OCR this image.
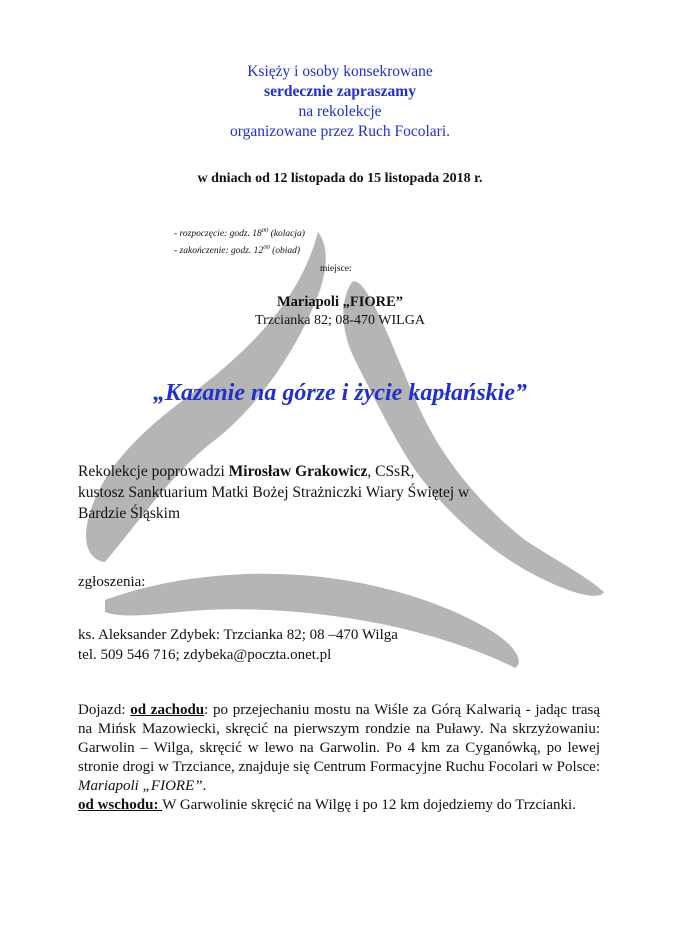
Księży i osoby konsekrowane
serdecznie zapraszamy
na rekolekcje
organizowane przez Ruch Focolari.
w dniach od 12 listopada do 15 listopada 2018 r.
- rozpoczęcie: godz. $18^{00}$ (kolacja)
- zakończenie: godz. $12^{00}$ (obiad)
miejsce:
Mariapoli „FIORE”
Trzcianka 82; 08-470 WILGA
„Kazanie na górze i życie kapłańskie”
Rekolekcje poprowadzi Mirosław Grakowicz, CSsR,
kustosz Sanktuarium Matki Bożej Strażniczki Wiary Świętej w
Bardzie Śląskim
zgłoszenia:
ks. Aleksander Zdybek: Trzcianka 82; 08 –470 Wilga
tel. 509 546 716; zdybeka@poczta.onet.pl
Dojazd: od zachodu: po przejechaniu mostu na Wiśle za Górą Kalwarią - jadąc trasą na Mińsk Mazowiecki, skręcić na pierwszym rondzie na Puławy. Na skrzyżowaniu: Garwolin – Wilga, skręcić w lewo na Garwolin. Po 4 km za Cyganówką, po lewej stronie drogi w Trzciance, znajduje się Centrum Formacyjne Ruchu Focolari w Polsce: Mariapoli „FIORE”.
od wschodu: W Garwolinie skręcić na Wilgę i po 12 km dojedziemy do Trzcianki.
